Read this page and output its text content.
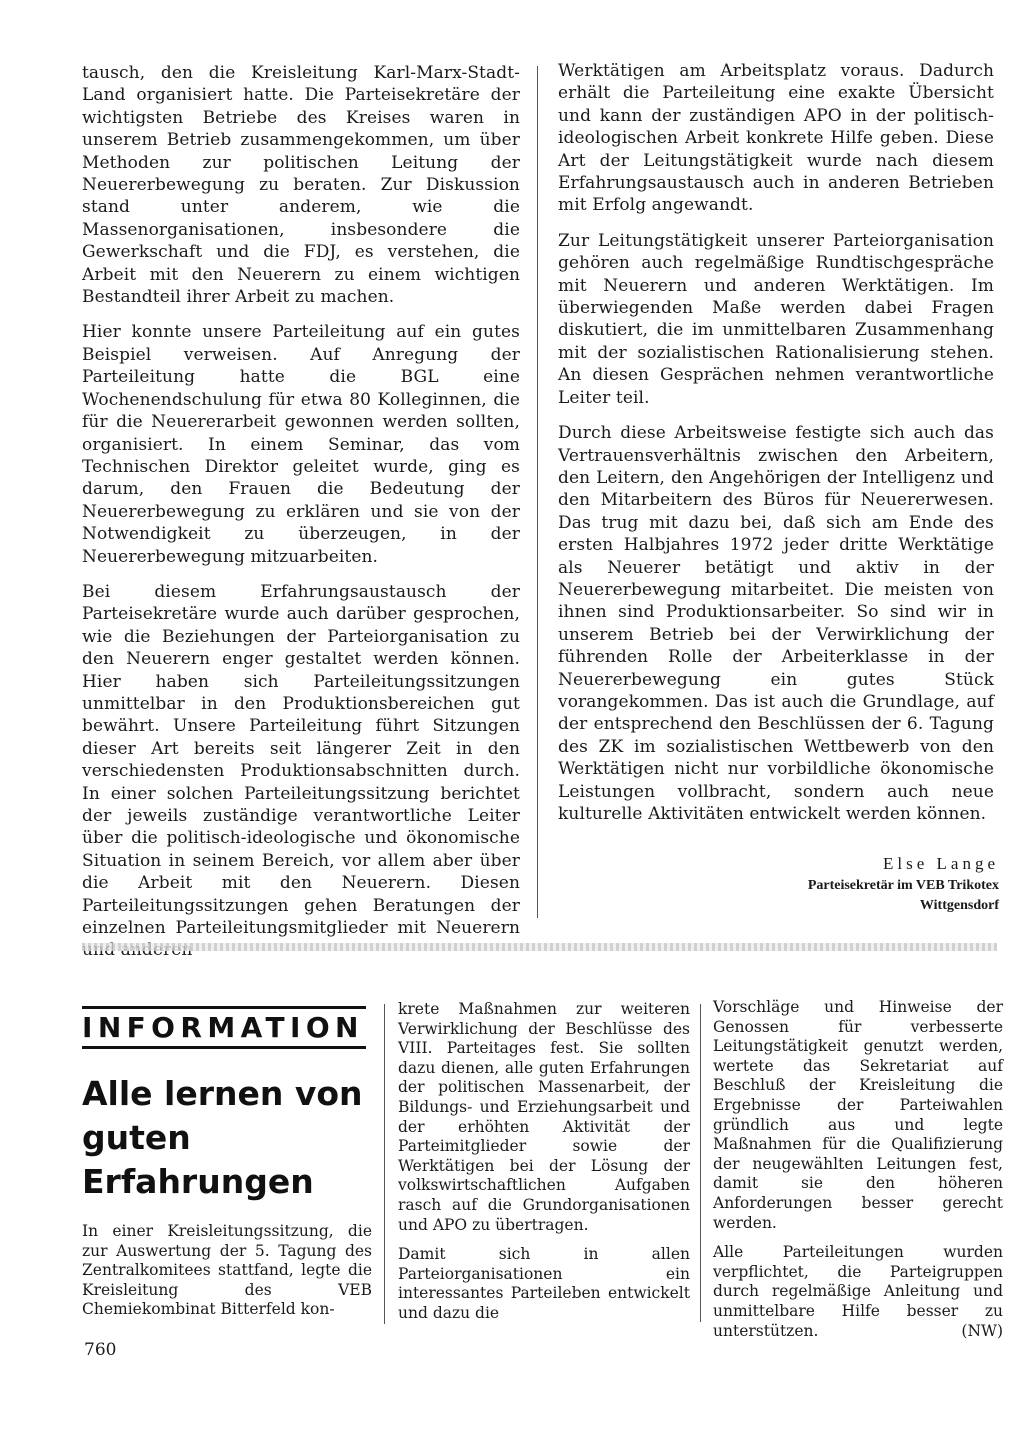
tausch, den die Kreisleitung Karl-Marx-Stadt-Land organisiert hatte. Die Parteisekretäre der wichtigsten Betriebe des Kreises waren in unserem Betrieb zusammengekommen, um über Methoden zur politischen Leitung der Neuererbewegung zu beraten. Zur Diskussion stand unter anderem, wie die Massenorganisationen, insbesondere die Gewerkschaft und die FDJ, es verstehen, die Arbeit mit den Neuerern zu einem wichtigen Bestandteil ihrer Arbeit zu machen.

Hier konnte unsere Parteileitung auf ein gutes Beispiel verweisen. Auf Anregung der Parteileitung hatte die BGL eine Wochenendschulung für etwa 80 Kolleginnen, die für die Neuererarbeit gewonnen werden sollten, organisiert. In einem Seminar, das vom Technischen Direktor geleitet wurde, ging es darum, den Frauen die Bedeutung der Neuererbewegung zu erklären und sie von der Notwendigkeit zu überzeugen, in der Neuererbewegung mitzuarbeiten.

Bei diesem Erfahrungsaustausch der Parteisekretäre wurde auch darüber gesprochen, wie die Beziehungen der Parteiorganisation zu den Neuerern enger gestaltet werden können. Hier haben sich Parteileitungssitzungen unmittelbar in den Produktionsbereichen gut bewährt. Unsere Parteileitung führt Sitzungen dieser Art bereits seit längerer Zeit in den verschiedensten Produktionsabschnitten durch. In einer solchen Parteileitungssitzung berichtet der jeweils zuständige verantwortliche Leiter über die politisch-ideologische und ökonomische Situation in seinem Bereich, vor allem aber über die Arbeit mit den Neuerern. Diesen Parteileitungssitzungen gehen Beratungen der einzelnen Parteileitungsmitglieder mit Neuerern

Werktätigen am Arbeitsplatz voraus. Dadurch erhält die Parteileitung eine exakte Übersicht und kann der zuständigen APO in der politisch-ideologischen Arbeit konkrete Hilfe geben. Diese Art der Leitungstätigkeit wurde nach diesem Erfahrungsaustausch auch in anderen Betrieben mit Erfolg angewandt.

Zur Leitungstätigkeit unserer Parteiorganisation gehören auch regelmäßige Rundtischgespräche mit Neuerern und anderen Werktätigen. Im überwiegenden Maße werden dabei Fragen diskutiert, die im unmittelbaren Zusammenhang mit der sozialistischen Rationalisierung stehen. An diesen Gesprächen nehmen verantwortliche Leiter teil.

Durch diese Arbeitsweise festigte sich auch das Vertrauensverhältnis zwischen den Arbeitern, den Leitern, den Angehörigen der Intelligenz und den Mitarbeitern des Büros für Neuererwesen. Das trug mit dazu bei, daß sich am Ende des ersten Halbjahres 1972 jeder dritte Werktätige als Neuerer betätigt und aktiv in der Neuererbewegung mitarbeitet. Die meisten von ihnen sind Produktionsarbeiter. So sind wir in unserem Betrieb bei der Verwirklichung der führenden Rolle der Arbeiterklasse in der Neuererbewegung ein gutes Stück vorangekommen. Das ist auch die Grundlage, auf der entsprechend den Beschlüssen der 6. Tagung des ZK im sozialistischen Wettbewerb von den Werktätigen nicht nur vorbildliche ökonomische Leistungen vollbracht, sondern auch neue kulturelle Aktivitäten entwickelt werden können.

Else Lange
Parteisekretär im VEB Trikotex
Wittgensdorf
INFORMATION
Alle lernen von
guten
Erfahrungen

In einer Kreisleitungssitzung, die zur Auswertung der 5. Tagung des Zentralkomitees stattfand, legte die Kreisleitung des VEB Chemiekombinat Bitterfeld kon-

krete Maßnahmen zur weiteren Verwirklichung der Beschlüsse des VIII. Parteitages fest. Sie sollten dazu dienen, alle guten Erfahrungen der politischen Massenarbeit, der Bildungs- und Erziehungsarbeit und der erhöhten Aktivität der Parteimitglieder sowie der Werktätigen bei der Lösung der volkswirtschaftlichen Aufgaben rasch auf die Grundorganisationen und APO zu übertragen.

Damit sich in allen Parteiorganisationen ein interessantes Parteileben entwickelt und dazu die

Vorschläge und Hinweise der Genossen für verbesserte Leitungstätigkeit genutzt werden, wertete das Sekretariat auf Beschluß der Kreisleitung die Ergebnisse der Parteiwahlen gründlich aus und legte Maßnahmen für die Qualifizierung der neugewählten Leitungen fest, damit sie den höheren Anforderungen besser gerecht werden.

Alle Parteileitungen wurden verpflichtet, die Parteigruppen durch regelmäßige Anleitung und unmittelbare Hilfe besser zu unterstützen.	(NW)
760
